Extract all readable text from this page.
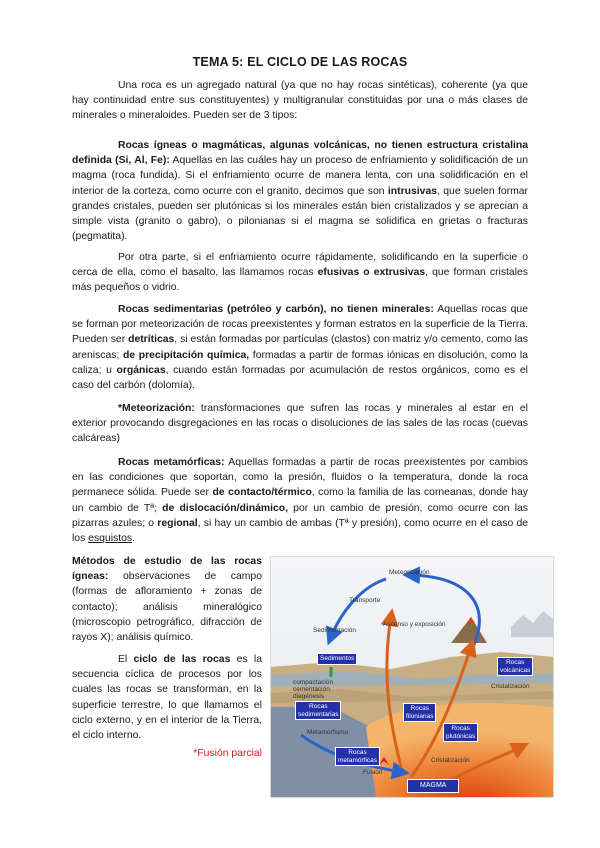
TEMA 5: EL CICLO DE LAS ROCAS

Una roca es un agregado natural (ya que no hay rocas sintéticas), coherente (ya que hay continuidad entre sus constituyentes) y multigranular constituidas por una o más clases de minerales o mineraloides. Pueden ser de 3 tipos:

Rocas ígneas o magmáticas, algunas volcánicas, no tienen estructura cristalina definida (Si, Al, Fe): Aquellas en las cuáles hay un proceso de enfriamiento y solidificación de un magma (roca fundida). Si el enfriamiento ocurre de manera lenta, con una solidificación en el interior de la corteza, como ocurre con el granito, decimos que son intrusivas, que suelen formar grandes cristales, pueden ser plutónicas si los minerales están bien cristalizados y se aprecian a simple vista (granito o gabro), o pilonianas si el magma se solidifica en grietas o fracturas (pegmatita).

Por otra parte, si el enfriamiento ocurre rápidamente, solidificando en la superficie o cerca de ella, como el basalto, las llamamos rocas efusivas o extrusivas, que forman cristales más pequeños o vidrio.

Rocas sedimentarias (petróleo y carbón), no tienen minerales: Aquellas rocas que se forman por meteorización de rocas preexistentes y forman estratos en la superficie de la Tierra. Pueden ser detríticas, si están formadas por partículas (clastos) con matriz y/o cemento, como las areniscas; de precipitación química, formadas a partir de formas iónicas en disolución, como la caliza; u orgánicas, cuando están formadas por acumulación de restos orgánicos, como es el caso del carbón (dolomía).

*Meteorización: transformaciones que sufren las rocas y minerales al estar en el exterior provocando disgregaciones en las rocas o disoluciones de las sales de las rocas (cuevas calcáreas)

Rocas metamórficas: Aquellas formadas a partir de rocas preexistentes por cambios en las condiciones que soportan, como la presión, fluidos o la temperatura, donde la roca permanece sólida. Puede ser de contacto/térmico, como la familia de las corneanas, donde hay un cambio de Tª; de dislocación/dinámico, por un cambio de presión, como ocurre con las pizarras azules; o regional, si hay un cambio de ambas (Tª y presión), como ocurre en el caso de los esquistos.

Métodos de estudio de las rocas ígneas: observaciones de campo (formas de afloramiento + zonas de contacto); análisis mineralógico (microscopio petrográfico, difracción de rayos X); análisis químico.

El ciclo de las rocas es la secuencia cíclica de procesos por los cuales las rocas se transforman, en la superficie terrestre, lo que llamamos el ciclo externo, y en el interior de la Tierra, el ciclo interno.

*Fusión parcial
Meteorización
Transporte
Sedimentación
Ascenso y exposición
Sedimentos
compactación
cementación
diagénesis
Rocas
sedimentarias
Rocas
volcánicas
Cristalización
Rocas
filonianas
Rocas
plutónicas
Metamorfismo
Rocas
metamórficas
Fusión
Cristalización
MAGMA
